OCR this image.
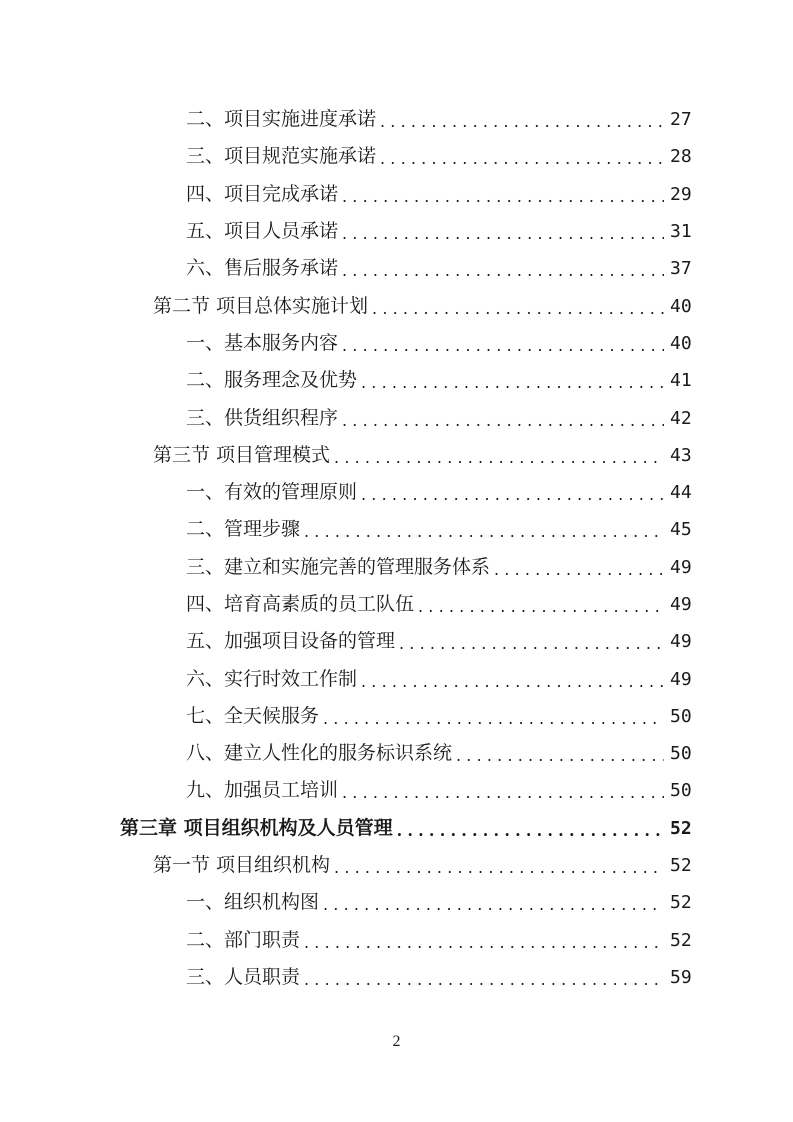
二、项目实施进度承诺 .....	27
三、项目规范实施承诺 .....	28
四、项目完成承诺 .....	29
五、项目人员承诺 .....	31
六、售后服务承诺 .....	37
第二节 项目总体实施计划 .....	40
一、基本服务内容 .....	40
二、服务理念及优势 .....	41
三、供货组织程序 .....	42
第三节 项目管理模式 .....	43
一、有效的管理原则 .....	44
二、管理步骤 .....	45
三、建立和实施完善的管理服务体系 .....	49
四、培育高素质的员工队伍 .....	49
五、加强项目设备的管理 .....	49
六、实行时效工作制 .....	49
七、全天候服务 .....	50
八、建立人性化的服务标识系统 .....	50
九、加强员工培训 .....	50
第三章 项目组织机构及人员管理 .....	52
第一节 项目组织机构 .....	52
一、组织机构图 .....	52
二、部门职责 .....	52
三、人员职责 .....	59
2
